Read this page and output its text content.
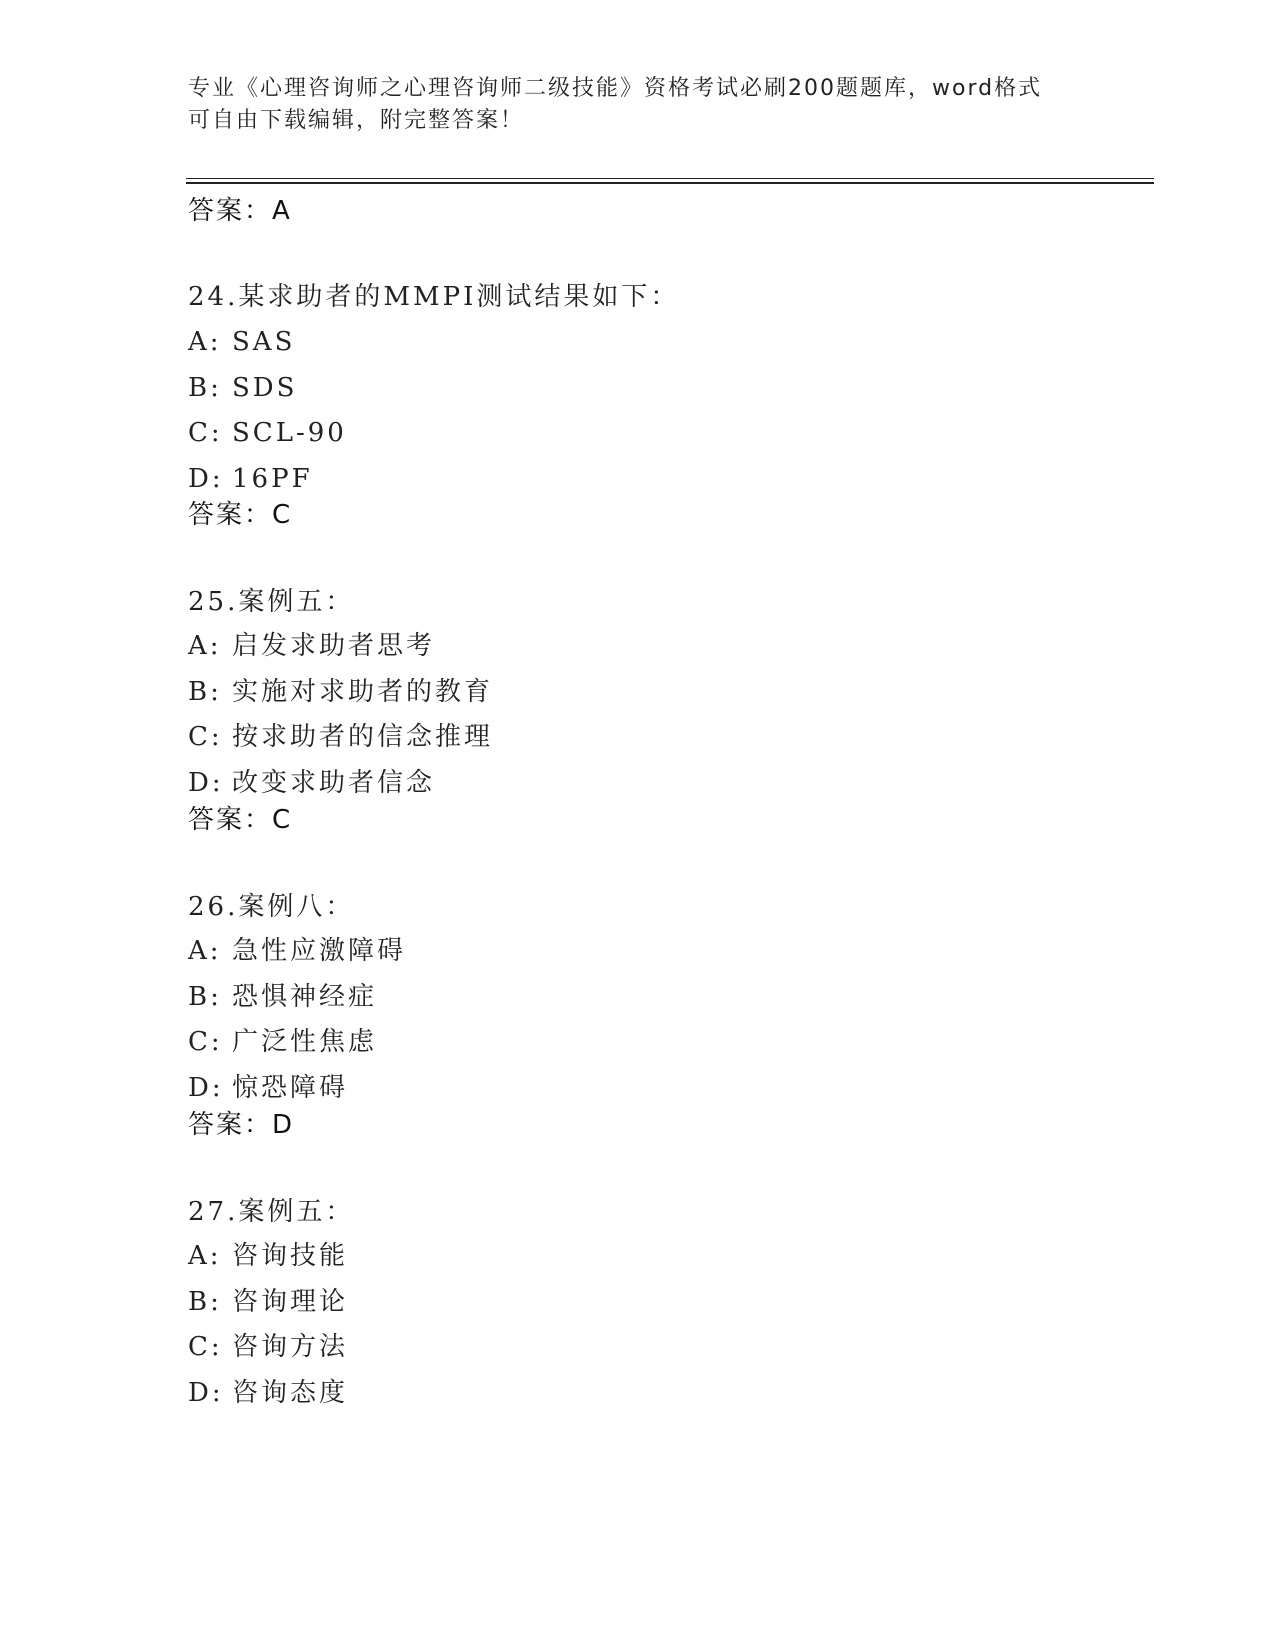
专业《心理咨询师之心理咨询师二级技能》资格考试必刷200题题库，word格式
可自由下载编辑，附完整答案！
答案：A
24.某求助者的MMPI测试结果如下：
A: SAS
B: SDS
C: SCL-90
D: 16PF
答案：C
25.案例五：
A: 启发求助者思考
B: 实施对求助者的教育
C: 按求助者的信念推理
D: 改变求助者信念
答案：C
26.案例八：
A: 急性应激障碍
B: 恐惧神经症
C: 广泛性焦虑
D: 惊恐障碍
答案：D
27.案例五：
A: 咨询技能
B: 咨询理论
C: 咨询方法
D: 咨询态度
